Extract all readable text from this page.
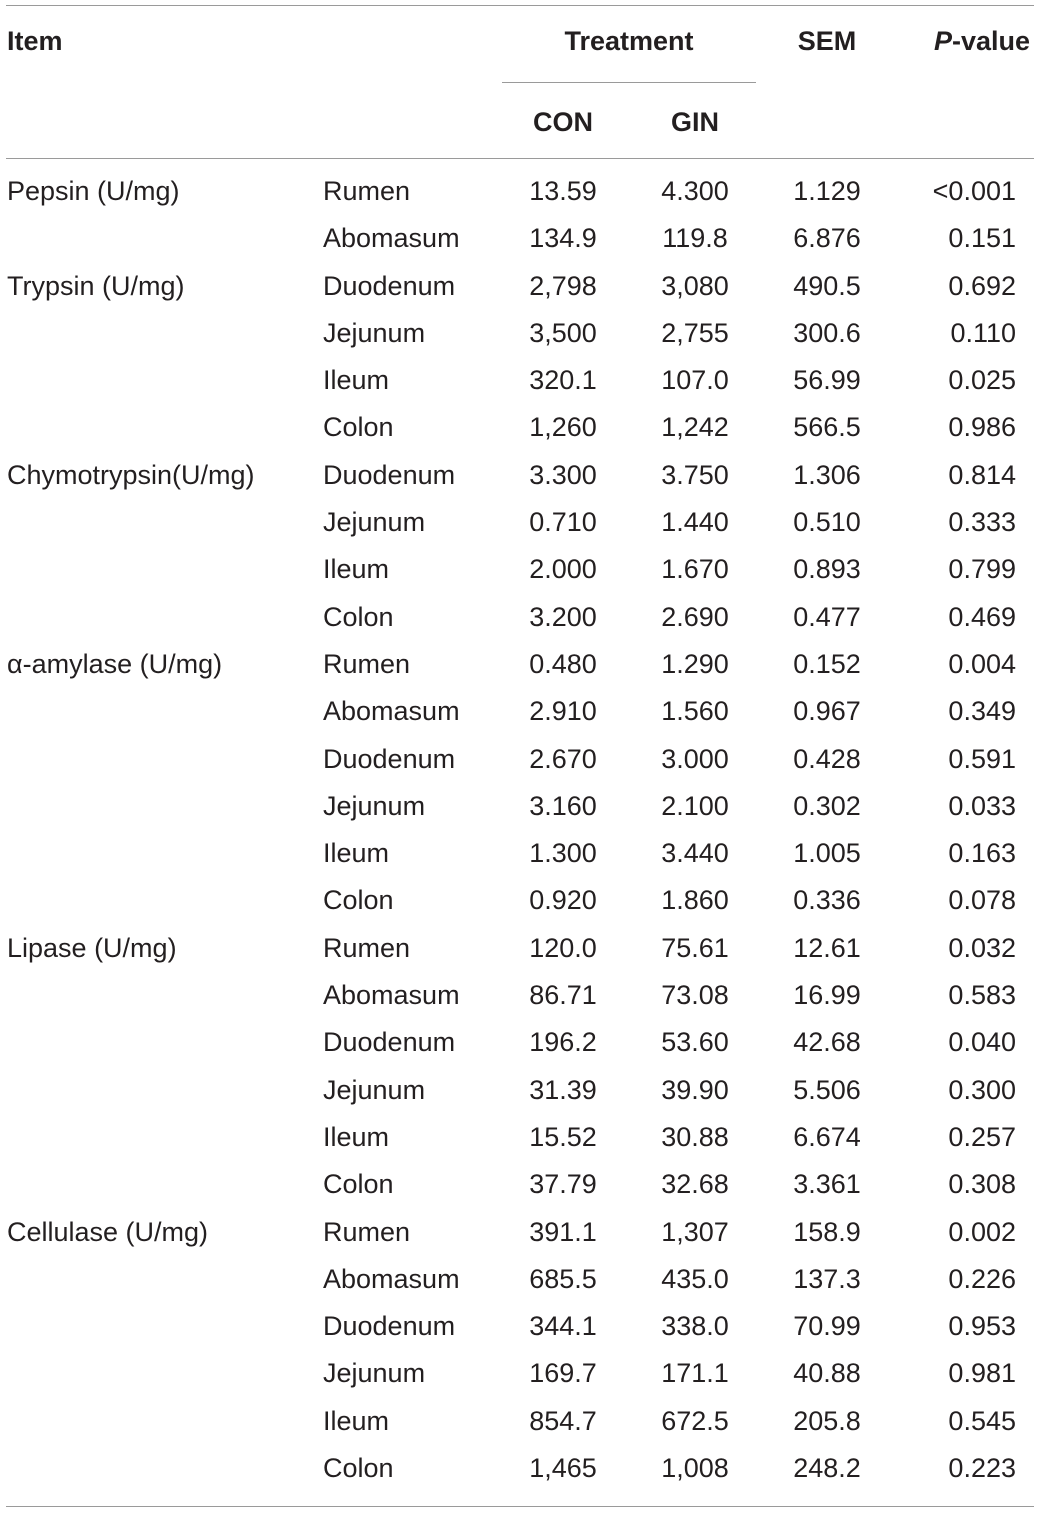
Item	Treatment	SEM	P-value
CON	GIN
Pepsin (U/mg)	Rumen	13.59	4.300	1.129	<0.001
Abomasum	134.9	119.8	6.876	0.151
Trypsin (U/mg)	Duodenum	2,798	3,080	490.5	0.692
Jejunum	3,500	2,755	300.6	0.110
Ileum	320.1	107.0	56.99	0.025
Colon	1,260	1,242	566.5	0.986
Chymotrypsin(U/mg)	Duodenum	3.300	3.750	1.306	0.814
Jejunum	0.710	1.440	0.510	0.333
Ileum	2.000	1.670	0.893	0.799
Colon	3.200	2.690	0.477	0.469
α-amylase (U/mg)	Rumen	0.480	1.290	0.152	0.004
Abomasum	2.910	1.560	0.967	0.349
Duodenum	2.670	3.000	0.428	0.591
Jejunum	3.160	2.100	0.302	0.033
Ileum	1.300	3.440	1.005	0.163
Colon	0.920	1.860	0.336	0.078
Lipase (U/mg)	Rumen	120.0	75.61	12.61	0.032
Abomasum	86.71	73.08	16.99	0.583
Duodenum	196.2	53.60	42.68	0.040
Jejunum	31.39	39.90	5.506	0.300
Ileum	15.52	30.88	6.674	0.257
Colon	37.79	32.68	3.361	0.308
Cellulase (U/mg)	Rumen	391.1	1,307	158.9	0.002
Abomasum	685.5	435.0	137.3	0.226
Duodenum	344.1	338.0	70.99	0.953
Jejunum	169.7	171.1	40.88	0.981
Ileum	854.7	672.5	205.8	0.545
Colon	1,465	1,008	248.2	0.223
